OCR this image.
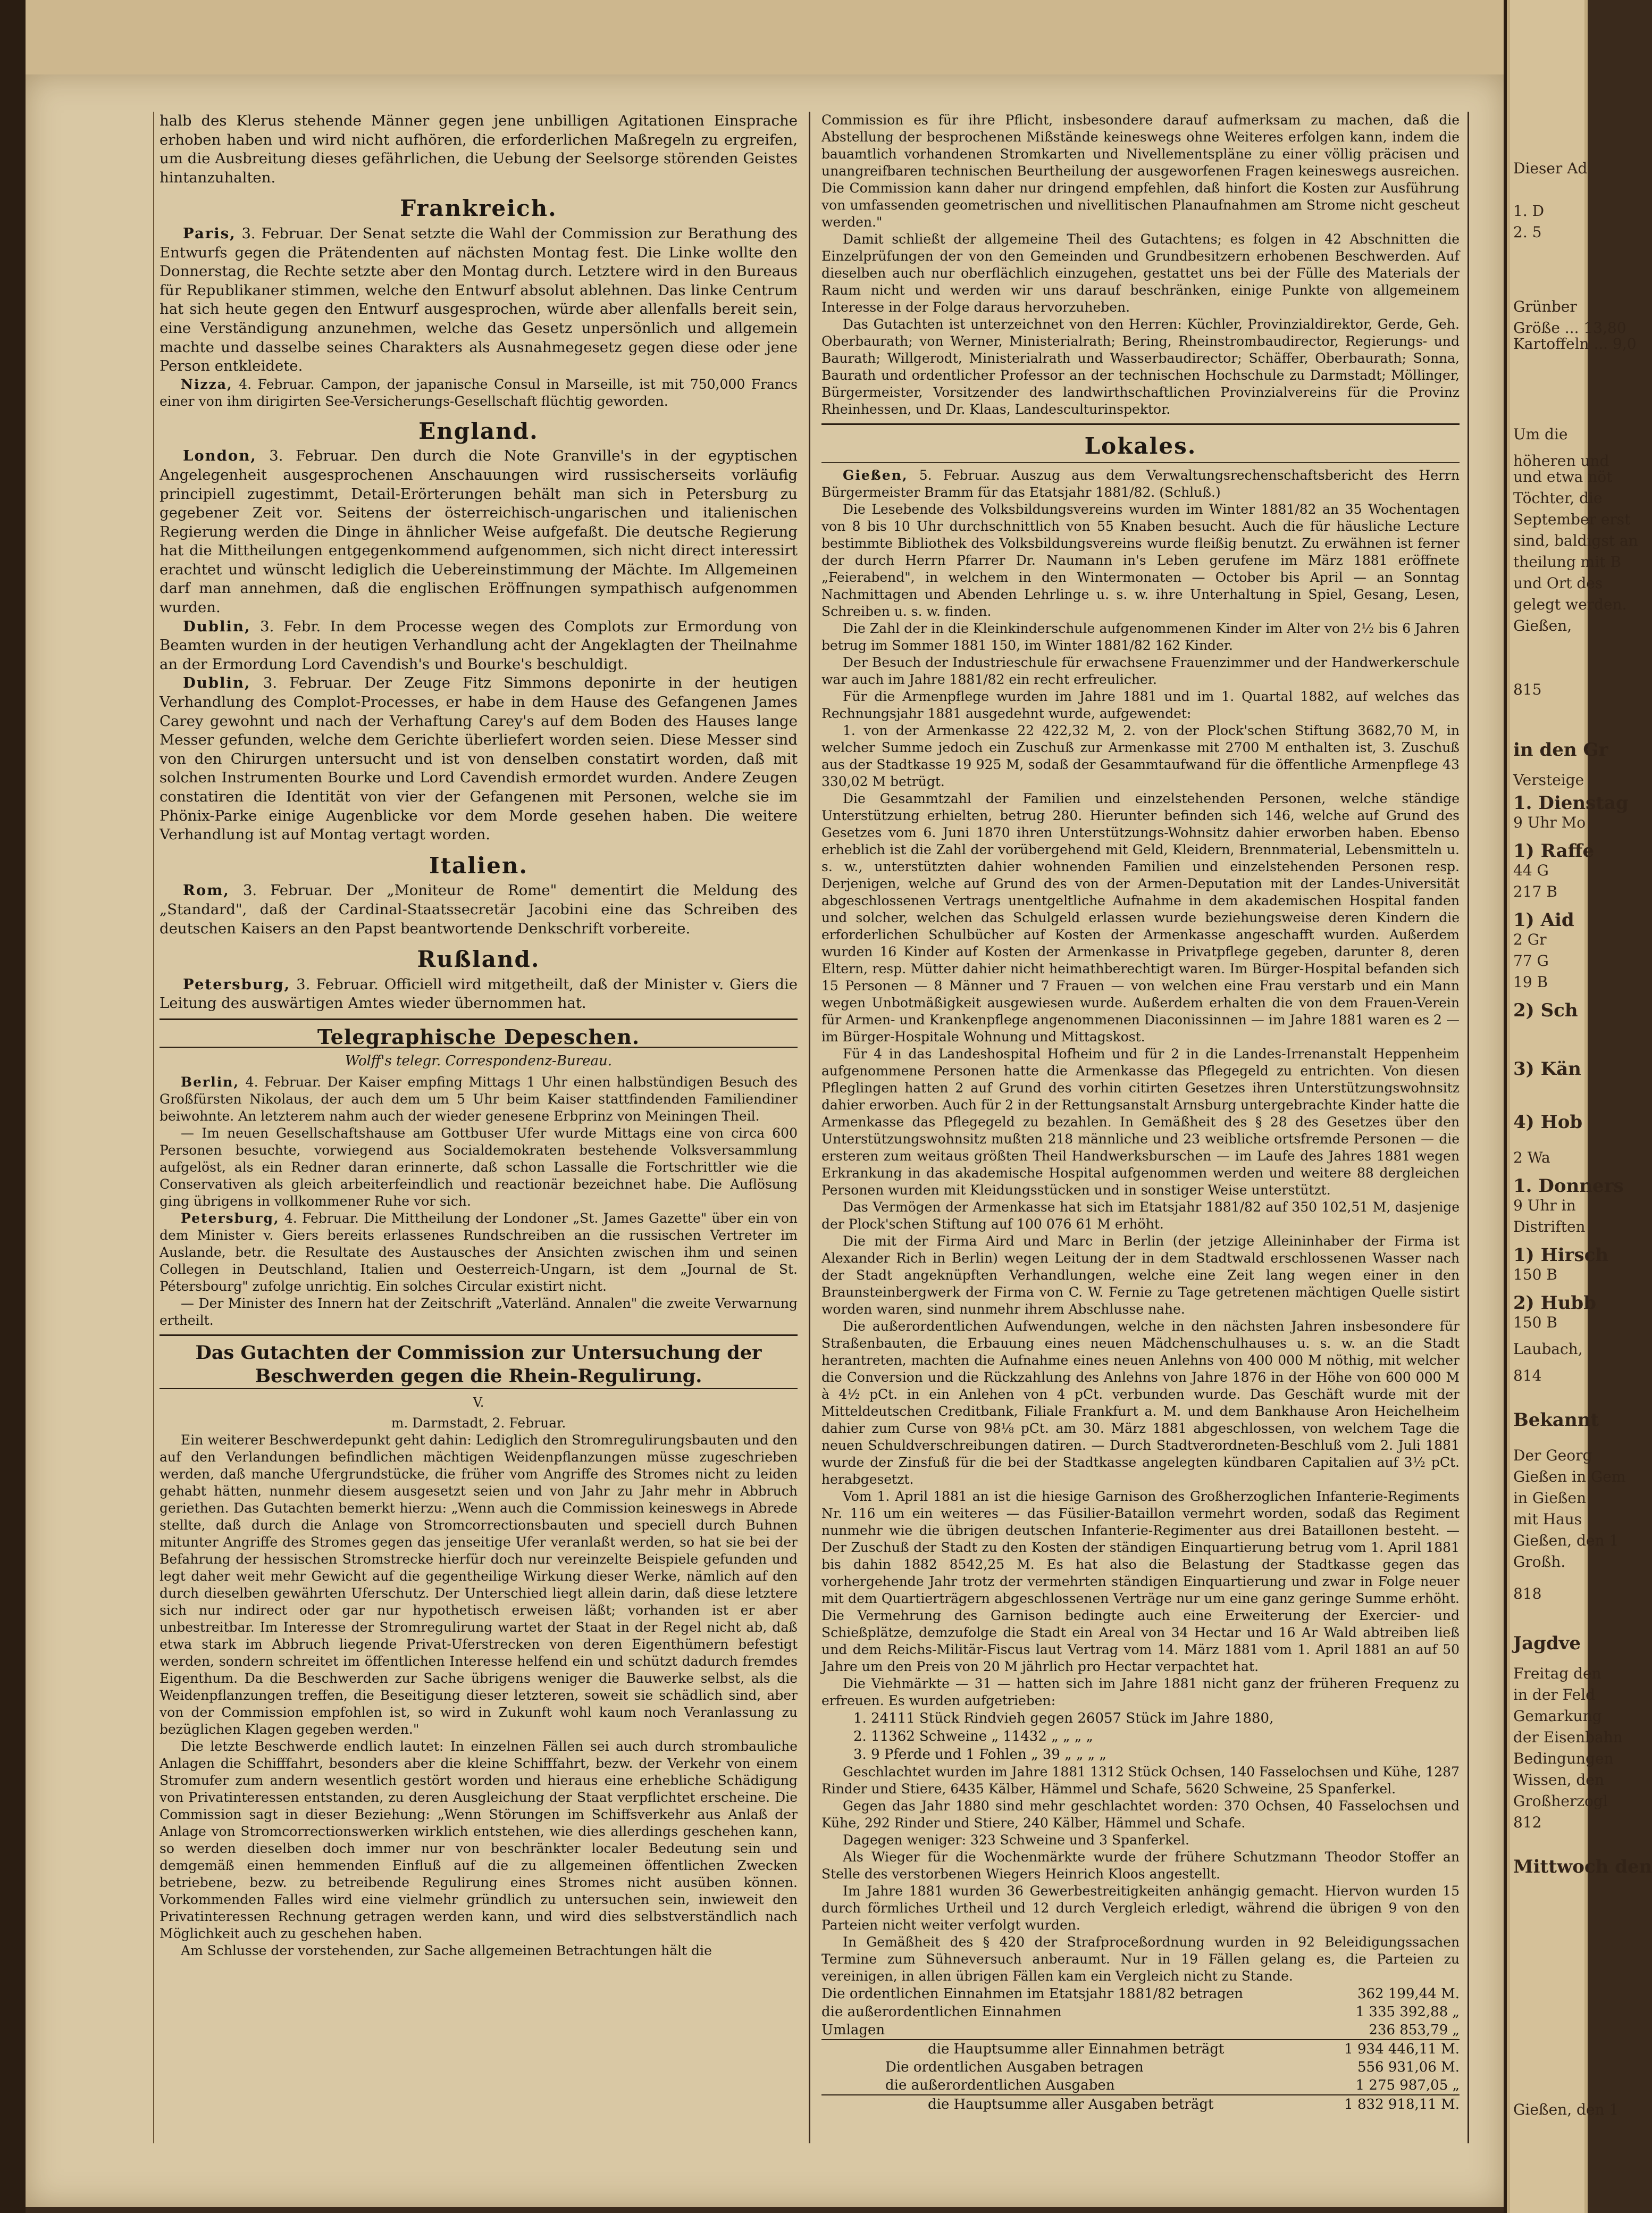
Dieser Ad
1. D
2. 5
Grünber
Größe ... 13,80
Kartoffeln ... 9,0
Um die
höheren und
und etwa nöt
Töchter, die
September erst
sind, baldigst an
theilung mit B
und Ort des
gelegt werden.
Gießen,
815
in den Gr
Versteige
1. Dienstag
9 Uhr Mo
1) Raffe
44 G
217 B
1) Aid
2 Gr
77 G
19 B
2) Sch
3) Kän
4) Hob
2 Wa
1. Donners
9 Uhr in
Distriften
1) Hirsch
150 B
2) Hubb
150 B
Laubach,
814
Bekannt
Der Georg
Gießen in Gem
in Gießen
mit Haus
Gießen, den 1
Großh.
818
Jagdve
Freitag den
in der Feld
Gemarkung
der Eisenbahn
Bedingungen
Wissen, den
Großherzogl
812
Mittwoch den
Gießen, den 1

halb des Klerus stehende Männer gegen jene unbilligen Agitationen Einsprache erhoben haben und wird nicht aufhören, die erforderlichen Maßregeln zu ergreifen, um die Ausbreitung dieses gefährlichen, die Uebung der Seelsorge störenden Geistes hintanzuhalten.

Frankreich.

Paris, 3. Februar. Der Senat setzte die Wahl der Commission zur Berathung des Entwurfs gegen die Prätendenten auf nächsten Montag fest. Die Linke wollte den Donnerstag, die Rechte setzte aber den Montag durch. Letztere wird in den Bureaus für Republikaner stimmen, welche den Entwurf absolut ablehnen. Das linke Centrum hat sich heute gegen den Entwurf ausgesprochen, würde aber allenfalls bereit sein, eine Verständigung anzunehmen, welche das Gesetz unpersönlich und allgemein machte und dasselbe seines Charakters als Ausnahmegesetz gegen diese oder jene Person entkleidete.

Nizza, 4. Februar. Campon, der japanische Consul in Marseille, ist mit 750,000 Francs einer von ihm dirigirten See-Versicherungs-Gesellschaft flüchtig geworden.

England.

London, 3. Februar. Den durch die Note Granville's in der egyptischen Angelegenheit ausgesprochenen Anschauungen wird russischerseits vorläufig principiell zugestimmt, Detail-Erörterungen behält man sich in Petersburg zu gegebener Zeit vor. Seitens der österreichisch-ungarischen und italienischen Regierung werden die Dinge in ähnlicher Weise aufgefaßt. Die deutsche Regierung hat die Mittheilungen entgegenkommend aufgenommen, sich nicht direct interessirt erachtet und wünscht lediglich die Uebereinstimmung der Mächte. Im Allgemeinen darf man annehmen, daß die englischen Eröffnungen sympathisch aufgenommen wurden.

Dublin, 3. Febr. In dem Processe wegen des Complots zur Ermordung von Beamten wurden in der heutigen Verhandlung acht der Angeklagten der Theilnahme an der Ermordung Lord Cavendish's und Bourke's beschuldigt.

Dublin, 3. Februar. Der Zeuge Fitz Simmons deponirte in der heutigen Verhandlung des Complot-Processes, er habe in dem Hause des Gefangenen James Carey gewohnt und nach der Verhaftung Carey's auf dem Boden des Hauses lange Messer gefunden, welche dem Gerichte überliefert worden seien. Diese Messer sind von den Chirurgen untersucht und ist von denselben constatirt worden, daß mit solchen Instrumenten Bourke und Lord Cavendish ermordet wurden. Andere Zeugen constatiren die Identität von vier der Gefangenen mit Personen, welche sie im Phönix-Parke einige Augenblicke vor dem Morde gesehen haben. Die weitere Verhandlung ist auf Montag vertagt worden.

Italien.

Rom, 3. Februar. Der „Moniteur de Rome" dementirt die Meldung des „Standard", daß der Cardinal-Staatssecretär Jacobini eine das Schreiben des deutschen Kaisers an den Papst beantwortende Denkschrift vorbereite.

Rußland.

Petersburg, 3. Februar. Officiell wird mitgetheilt, daß der Minister v. Giers die Leitung des auswärtigen Amtes wieder übernommen hat.

Telegraphische Depeschen.
Wolff's telegr. Correspondenz-Bureau.

Berlin, 4. Februar. Der Kaiser empfing Mittags 1 Uhr einen halbstündigen Besuch des Großfürsten Nikolaus, der auch dem um 5 Uhr beim Kaiser stattfindenden Familiendiner beiwohnte. An letzterem nahm auch der wieder genesene Erbprinz von Meiningen Theil.

— Im neuen Gesellschaftshause am Gottbuser Ufer wurde Mittags eine von circa 600 Personen besuchte, vorwiegend aus Socialdemokraten bestehende Volksversammlung aufgelöst, als ein Redner daran erinnerte, daß schon Lassalle die Fortschrittler wie die Conservativen als gleich arbeiterfeindlich und reactionär bezeichnet habe. Die Auflösung ging übrigens in vollkommener Ruhe vor sich.

Petersburg, 4. Februar. Die Mittheilung der Londoner „St. James Gazette" über ein von dem Minister v. Giers bereits erlassenes Rundschreiben an die russischen Vertreter im Auslande, betr. die Resultate des Austausches der Ansichten zwischen ihm und seinen Collegen in Deutschland, Italien und Oesterreich-Ungarn, ist dem „Journal de St. Pétersbourg" zufolge unrichtig. Ein solches Circular existirt nicht.

— Der Minister des Innern hat der Zeitschrift „Vaterländ. Annalen" die zweite Verwarnung ertheilt.

Das Gutachten der Commission zur Untersuchung der Beschwerden gegen die Rhein-Regulirung.
V.

m. Darmstadt, 2. Februar.

Ein weiterer Beschwerdepunkt geht dahin: Lediglich den Stromregulirungsbauten und den auf den Verlandungen befindlichen mächtigen Weidenpflanzungen müsse zugeschrieben werden, daß manche Ufergrundstücke, die früher vom Angriffe des Stromes nicht zu leiden gehabt hätten, nunmehr diesem ausgesetzt seien und von Jahr zu Jahr mehr in Abbruch geriethen. Das Gutachten bemerkt hierzu: „Wenn auch die Commission keineswegs in Abrede stellte, daß durch die Anlage von Stromcorrectionsbauten und speciell durch Buhnen mitunter Angriffe des Stromes gegen das jenseitige Ufer veranlaßt werden, so hat sie bei der Befahrung der hessischen Stromstrecke hierfür doch nur vereinzelte Beispiele gefunden und legt daher weit mehr Gewicht auf die gegentheilige Wirkung dieser Werke, nämlich auf den durch dieselben gewährten Uferschutz. Der Unterschied liegt allein darin, daß diese letztere sich nur indirect oder gar nur hypothetisch erweisen läßt; vorhanden ist er aber unbestreitbar. Im Interesse der Stromregulirung wartet der Staat in der Regel nicht ab, daß etwa stark im Abbruch liegende Privat-Uferstrecken von deren Eigenthümern befestigt werden, sondern schreitet im öffentlichen Interesse helfend ein und schützt dadurch fremdes Eigenthum. Da die Beschwerden zur Sache übrigens weniger die Bauwerke selbst, als die Weidenpflanzungen treffen, die Beseitigung dieser letzteren, soweit sie schädlich sind, aber von der Commission empfohlen ist, so wird in Zukunft wohl kaum noch Veranlassung zu bezüglichen Klagen gegeben werden."

Die letzte Beschwerde endlich lautet: In einzelnen Fällen sei auch durch strombauliche Anlagen die Schifffahrt, besonders aber die kleine Schifffahrt, bezw. der Verkehr von einem Stromufer zum andern wesentlich gestört worden und hieraus eine erhebliche Schädigung von Privatinteressen entstanden, zu deren Ausgleichung der Staat verpflichtet erscheine. Die Commission sagt in dieser Beziehung: „Wenn Störungen im Schiffsverkehr aus Anlaß der Anlage von Stromcorrectionswerken wirklich entstehen, wie dies allerdings geschehen kann, so werden dieselben doch immer nur von beschränkter localer Bedeutung sein und demgemäß einen hemmenden Einfluß auf die zu allgemeinen öffentlichen Zwecken betriebene, bezw. zu betreibende Regulirung eines Stromes nicht ausüben können. Vorkommenden Falles wird eine vielmehr gründlich zu untersuchen sein, inwieweit den Privatinteressen Rechnung getragen werden kann, und wird dies selbstverständlich nach Möglichkeit auch zu geschehen haben.

Am Schlusse der vorstehenden, zur Sache allgemeinen Betrachtungen hält die

Commission es für ihre Pflicht, insbesondere darauf aufmerksam zu machen, daß die Abstellung der besprochenen Mißstände keineswegs ohne Weiteres erfolgen kann, indem die bauamtlich vorhandenen Stromkarten und Nivellementspläne zu einer völlig präcisen und unangreifbaren technischen Beurtheilung der ausgeworfenen Fragen keineswegs ausreichen. Die Commission kann daher nur dringend empfehlen, daß hinfort die Kosten zur Ausführung von umfassenden geometrischen und nivellitischen Planaufnahmen am Strome nicht gescheut werden."

Damit schließt der allgemeine Theil des Gutachtens; es folgen in 42 Abschnitten die Einzelprüfungen der von den Gemeinden und Grundbesitzern erhobenen Beschwerden. Auf dieselben auch nur oberflächlich einzugehen, gestattet uns bei der Fülle des Materials der Raum nicht und werden wir uns darauf beschränken, einige Punkte von allgemeinem Interesse in der Folge daraus hervorzuheben.

Das Gutachten ist unterzeichnet von den Herren: Küchler, Provinzialdirektor, Gerde, Geh. Oberbaurath; von Werner, Ministerialrath; Bering, Rheinstrombaudirector, Regierungs- und Baurath; Willgerodt, Ministerialrath und Wasserbaudirector; Schäffer, Oberbaurath; Sonna, Baurath und ordentlicher Professor an der technischen Hochschule zu Darmstadt; Möllinger, Bürgermeister, Vorsitzender des landwirthschaftlichen Provinzialvereins für die Provinz Rheinhessen, und Dr. Klaas, Landesculturinspektor.

Lokales.

Gießen, 5. Februar. Auszug aus dem Verwaltungsrechenschaftsbericht des Herrn Bürgermeister Bramm für das Etatsjahr 1881/82. (Schluß.)

Die Lesebende des Volksbildungsvereins wurden im Winter 1881/82 an 35 Wochentagen von 8 bis 10 Uhr durchschnittlich von 55 Knaben besucht. Auch die für häusliche Lecture bestimmte Bibliothek des Volksbildungsvereins wurde fleißig benutzt. Zu erwähnen ist ferner der durch Herrn Pfarrer Dr. Naumann in's Leben gerufene im März 1881 eröffnete „Feierabend", in welchem in den Wintermonaten — October bis April — an Sonntag Nachmittagen und Abenden Lehrlinge u. s. w. ihre Unterhaltung in Spiel, Gesang, Lesen, Schreiben u. s. w. finden.

Die Zahl der in die Kleinkinderschule aufgenommenen Kinder im Alter von 2½ bis 6 Jahren betrug im Sommer 1881 150, im Winter 1881/82 162 Kinder.

Der Besuch der Industrieschule für erwachsene Frauenzimmer und der Handwerkerschule war auch im Jahre 1881/82 ein recht erfreulicher.

Für die Armenpflege wurden im Jahre 1881 und im 1. Quartal 1882, auf welches das Rechnungsjahr 1881 ausgedehnt wurde, aufgewendet:

1. von der Armenkasse 22 422,32 M, 2. von der Plock'schen Stiftung 3682,70 M, in welcher Summe jedoch ein Zuschuß zur Armenkasse mit 2700 M enthalten ist, 3. Zuschuß aus der Stadtkasse 19 925 M, sodaß der Gesammtaufwand für die öffentliche Armenpflege 43 330,02 M betrügt.

Die Gesammtzahl der Familien und einzelstehenden Personen, welche ständige Unterstützung erhielten, betrug 280. Hierunter befinden sich 146, welche auf Grund des Gesetzes vom 6. Juni 1870 ihren Unterstützungs-Wohnsitz dahier erworben haben. Ebenso erheblich ist die Zahl der vorübergehend mit Geld, Kleidern, Brennmaterial, Lebensmitteln u. s. w., unterstützten dahier wohnenden Familien und einzelstehenden Personen resp. Derjenigen, welche auf Grund des von der Armen-Deputation mit der Landes-Universität abgeschlossenen Vertrags unentgeltliche Aufnahme in dem akademischen Hospital fanden und solcher, welchen das Schulgeld erlassen wurde beziehungsweise deren Kindern die erforderlichen Schulbücher auf Kosten der Armenkasse angeschafft wurden. Außerdem wurden 16 Kinder auf Kosten der Armenkasse in Privatpflege gegeben, darunter 8, deren Eltern, resp. Mütter dahier nicht heimathberechtigt waren. Im Bürger-Hospital befanden sich 15 Personen — 8 Männer und 7 Frauen — von welchen eine Frau verstarb und ein Mann wegen Unbotmäßigkeit ausgewiesen wurde. Außerdem erhalten die von dem Frauen-Verein für Armen- und Krankenpflege angenommenen Diaconissinnen — im Jahre 1881 waren es 2 — im Bürger-Hospitale Wohnung und Mittagskost.

Für 4 in das Landeshospital Hofheim und für 2 in die Landes-Irrenanstalt Heppenheim aufgenommene Personen hatte die Armenkasse das Pflegegeld zu entrichten. Von diesen Pfleglingen hatten 2 auf Grund des vorhin citirten Gesetzes ihren Unterstützungswohnsitz dahier erworben. Auch für 2 in der Rettungsanstalt Arnsburg untergebrachte Kinder hatte die Armenkasse das Pflegegeld zu bezahlen. In Gemäßheit des § 28 des Gesetzes über den Unterstützungswohnsitz mußten 218 männliche und 23 weibliche ortsfremde Personen — die ersteren zum weitaus größten Theil Handwerksburschen — im Laufe des Jahres 1881 wegen Erkrankung in das akademische Hospital aufgenommen werden und weitere 88 dergleichen Personen wurden mit Kleidungsstücken und in sonstiger Weise unterstützt.

Das Vermögen der Armenkasse hat sich im Etatsjahr 1881/82 auf 350 102,51 M, dasjenige der Plock'schen Stiftung auf 100 076 61 M erhöht.

Die mit der Firma Aird und Marc in Berlin (der jetzige Alleininhaber der Firma ist Alexander Rich in Berlin) wegen Leitung der in dem Stadtwald erschlossenen Wasser nach der Stadt angeknüpften Verhandlungen, welche eine Zeit lang wegen einer in den Braunsteinbergwerk der Firma von C. W. Fernie zu Tage getretenen mächtigen Quelle sistirt worden waren, sind nunmehr ihrem Abschlusse nahe.

Die außerordentlichen Aufwendungen, welche in den nächsten Jahren insbesondere für Straßenbauten, die Erbauung eines neuen Mädchenschulhauses u. s. w. an die Stadt herantreten, machten die Aufnahme eines neuen Anlehns von 400 000 M nöthig, mit welcher die Conversion und die Rückzahlung des Anlehns von Jahre 1876 in der Höhe von 600 000 M à 4½ pCt. in ein Anlehen von 4 pCt. verbunden wurde. Das Geschäft wurde mit der Mitteldeutschen Creditbank, Filiale Frankfurt a. M. und dem Bankhause Aron Heichelheim dahier zum Curse von 98⅛ pCt. am 30. März 1881 abgeschlossen, von welchem Tage die neuen Schuldverschreibungen datiren. — Durch Stadtverordneten-Beschluß vom 2. Juli 1881 wurde der Zinsfuß für die bei der Stadtkasse angelegten kündbaren Capitalien auf 3½ pCt. herabgesetzt.

Vom 1. April 1881 an ist die hiesige Garnison des Großherzoglichen Infanterie-Regiments Nr. 116 um ein weiteres — das Füsilier-Bataillon vermehrt worden, sodaß das Regiment nunmehr wie die übrigen deutschen Infanterie-Regimenter aus drei Bataillonen besteht. — Der Zuschuß der Stadt zu den Kosten der ständigen Einquartierung betrug vom 1. April 1881 bis dahin 1882 8542,25 M. Es hat also die Belastung der Stadtkasse gegen das vorhergehende Jahr trotz der vermehrten ständigen Einquartierung und zwar in Folge neuer mit dem Quartierträgern abgeschlossenen Verträge nur um eine ganz geringe Summe erhöht. Die Vermehrung des Garnison bedingte auch eine Erweiterung der Exercier- und Schießplätze, demzufolge die Stadt ein Areal von 34 Hectar und 16 Ar Wald abtreiben ließ und dem Reichs-Militär-Fiscus laut Vertrag vom 14. März 1881 vom 1. April 1881 an auf 50 Jahre um den Preis von 20 M jährlich pro Hectar verpachtet hat.

Die Viehmärkte — 31 — hatten sich im Jahre 1881 nicht ganz der früheren Frequenz zu erfreuen. Es wurden aufgetrieben:

1. 24111 Stück Rindvieh gegen 26057 Stück im Jahre 1880,
2. 11362 Schweine „ 11432 „ „ „ „
3. 9 Pferde und 1 Fohlen „ 39 „ „ „ „

Geschlachtet wurden im Jahre 1881 1312 Stück Ochsen, 140 Fasselochsen und Kühe, 1287 Rinder und Stiere, 6435 Kälber, Hämmel und Schafe, 5620 Schweine, 25 Spanferkel.

Gegen das Jahr 1880 sind mehr geschlachtet worden: 370 Ochsen, 40 Fasselochsen und Kühe, 292 Rinder und Stiere, 240 Kälber, Hämmel und Schafe.

Dagegen weniger: 323 Schweine und 3 Spanferkel.

Als Wieger für die Wochenmärkte wurde der frühere Schutzmann Theodor Stoffer an Stelle des verstorbenen Wiegers Heinrich Kloos angestellt.

Im Jahre 1881 wurden 36 Gewerbestreitigkeiten anhängig gemacht. Hiervon wurden 15 durch förmliches Urtheil und 12 durch Vergleich erledigt, während die übrigen 9 von den Parteien nicht weiter verfolgt wurden.

In Gemäßheit des § 420 der Strafproceßordnung wurden in 92 Beleidigungssachen Termine zum Sühneversuch anberaumt. Nur in 19 Fällen gelang es, die Parteien zu vereinigen, in allen übrigen Fällen kam ein Vergleich nicht zu Stande.

Die ordentlichen Einnahmen im Etatsjahr 1881/82 betragen	362 199,44 M.
die außerordentlichen Einnahmen	1 335 392,88 „
Umlagen	236 853,79 „
die Hauptsumme aller Einnahmen beträgt	1 934 446,11 M.
Die ordentlichen Ausgaben betragen	556 931,06 M.
die außerordentlichen Ausgaben	1 275 987,05 „
die Hauptsumme aller Ausgaben beträgt	1 832 918,11 M.
